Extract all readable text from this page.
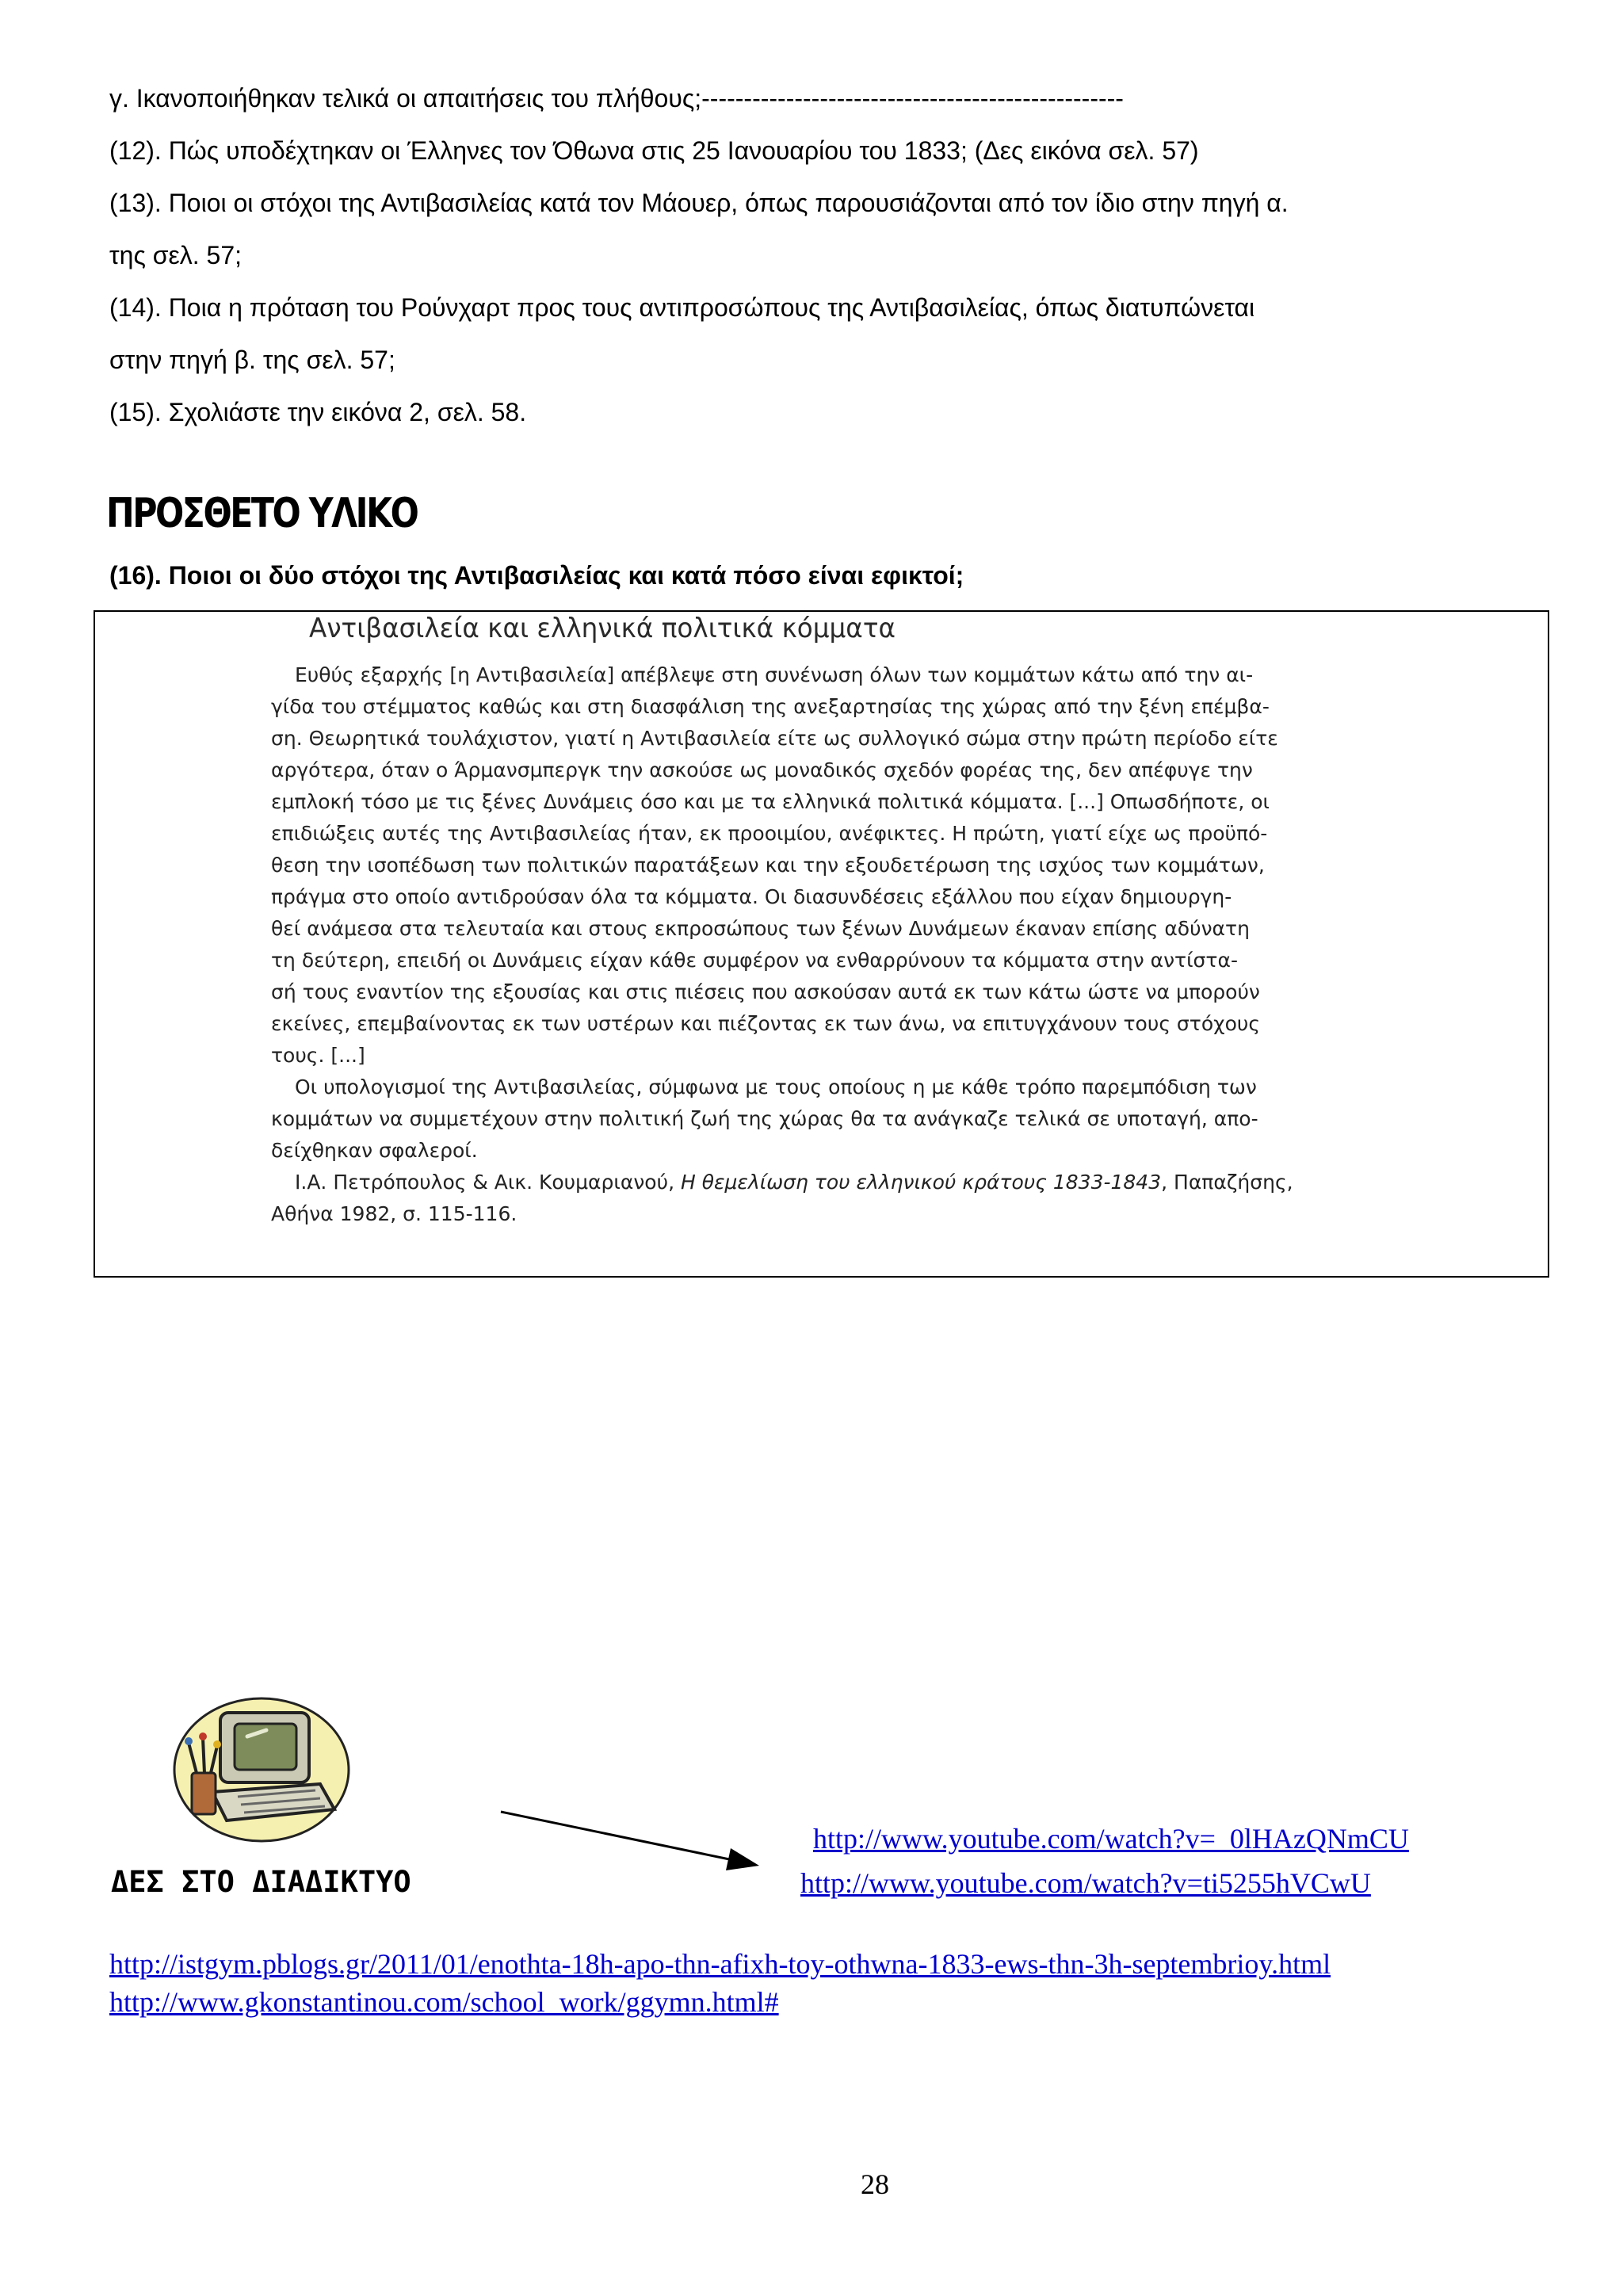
γ. Ικανοποιήθηκαν τελικά οι απαιτήσεις του πλήθους;--------------------------------------------------
(12). Πώς υποδέχτηκαν οι Έλληνες τον Όθωνα στις 25 Ιανουαρίου του 1833; (Δες εικόνα σελ. 57)
(13). Ποιοι οι στόχοι της Αντιβασιλείας κατά τον Μάουερ, όπως παρουσιάζονται από τον ίδιο στην πηγή α.
της σελ. 57;
(14). Ποια η πρόταση του Ρούνχαρτ προς τους αντιπροσώπους της Αντιβασιλείας, όπως διατυπώνεται
στην πηγή β. της σελ. 57;
(15). Σχολιάστε την εικόνα 2, σελ. 58.
ΠΡΟΣΘΕΤΟ ΥΛΙΚΟ
(16). Ποιοι οι δύο στόχοι της Αντιβασιλείας και κατά πόσο είναι εφικτοί;
Αντιβασιλεία και ελληνικά πολιτικά κόμματα
Ευθύς εξαρχής [η Αντιβασιλεία] απέβλεψε στη συνένωση όλων των κομμάτων κάτω από την αι-
γίδα του στέμματος καθώς και στη διασφάλιση της ανεξαρτησίας της χώρας από την ξένη επέμβα-
ση. Θεωρητικά τουλάχιστον, γιατί η Αντιβασιλεία είτε ως συλλογικό σώμα στην πρώτη περίοδο είτε
αργότερα, όταν ο Άρμανσμπεργκ την ασκούσε ως μοναδικός σχεδόν φορέας της, δεν απέφυγε την
εμπλοκή τόσο με τις ξένες Δυνάμεις όσο και με τα ελληνικά πολιτικά κόμματα. [...] Οπωσδήποτε, οι
επιδιώξεις αυτές της Αντιβασιλείας ήταν, εκ προοιμίου, ανέφικτες. Η πρώτη, γιατί είχε ως προϋπό-
θεση την ισοπέδωση των πολιτικών παρατάξεων και την εξουδετέρωση της ισχύος των κομμάτων,
πράγμα στο οποίο αντιδρούσαν όλα τα κόμματα. Οι διασυνδέσεις εξάλλου που είχαν δημιουργη-
θεί ανάμεσα στα τελευταία και στους εκπροσώπους των ξένων Δυνάμεων έκαναν επίσης αδύνατη
τη δεύτερη, επειδή οι Δυνάμεις είχαν κάθε συμφέρον να ενθαρρύνουν τα κόμματα στην αντίστα-
σή τους εναντίον της εξουσίας και στις πιέσεις που ασκούσαν αυτά εκ των κάτω ώστε να μπορούν
εκείνες, επεμβαίνοντας εκ των υστέρων και πιέζοντας εκ των άνω, να επιτυγχάνουν τους στόχους
τους. [...]
Οι υπολογισμοί της Αντιβασιλείας, σύμφωνα με τους οποίους η με κάθε τρόπο παρεμπόδιση των
κομμάτων να συμμετέχουν στην πολιτική ζωή της χώρας θα τα ανάγκαζε τελικά σε υποταγή, απο-
δείχθηκαν σφαλεροί.
Ι.Α. Πετρόπουλος & Αικ. Κουμαριανού, Η θεμελίωση του ελληνικού κράτους 1833-1843, Παπαζήσης,
Αθήνα 1982, σ. 115-116.
ΔΕΣ ΣΤΟ ΔΙΑΔΙΚΤΥΟ
http://www.youtube.com/watch?v=_0lHAzQNmCU
http://www.youtube.com/watch?v=ti5255hVCwU
http://istgym.pblogs.gr/2011/01/enothta-18h-apo-thn-afixh-toy-othwna-1833-ews-thn-3h-septembrioy.html
http://www.gkonstantinou.com/school_work/ggymn.html#
28
